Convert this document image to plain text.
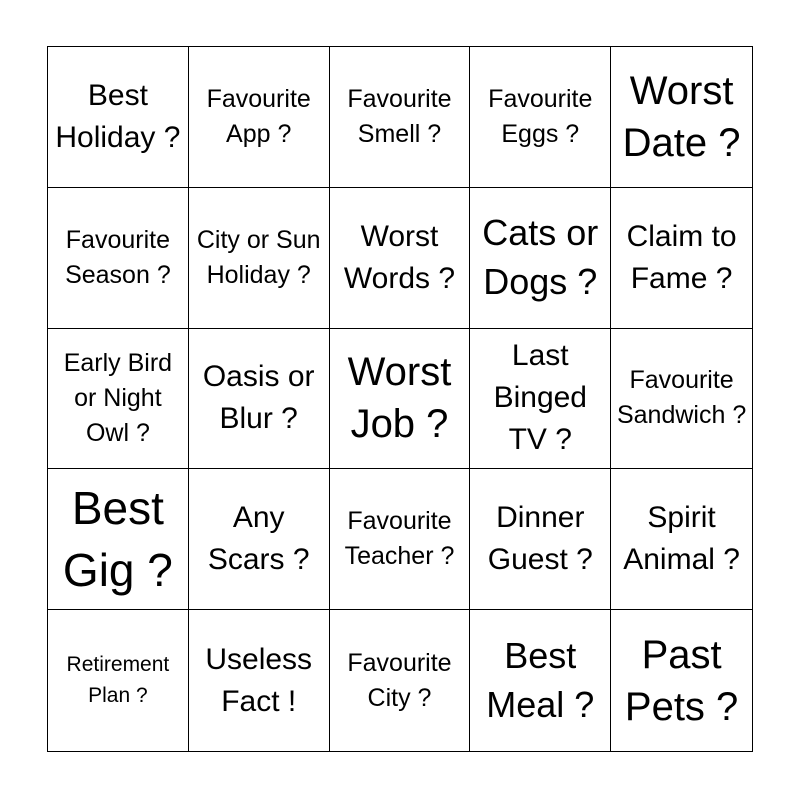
Best Holiday ?
Favourite App ?
Favourite Smell ?
Favourite Eggs ?
Worst Date ?
Favourite Season ?
City or Sun Holiday ?
Worst Words ?
Cats or Dogs ?
Claim to Fame ?
Early Bird or Night Owl ?
Oasis or Blur ?
Worst Job ?
Last Binged TV ?
Favourite Sandwich ?
Best Gig ?
Any Scars ?
Favourite Teacher ?
Dinner Guest ?
Spirit Animal ?
Retirement Plan ?
Useless Fact !
Favourite City ?
Best Meal ?
Past Pets ?
